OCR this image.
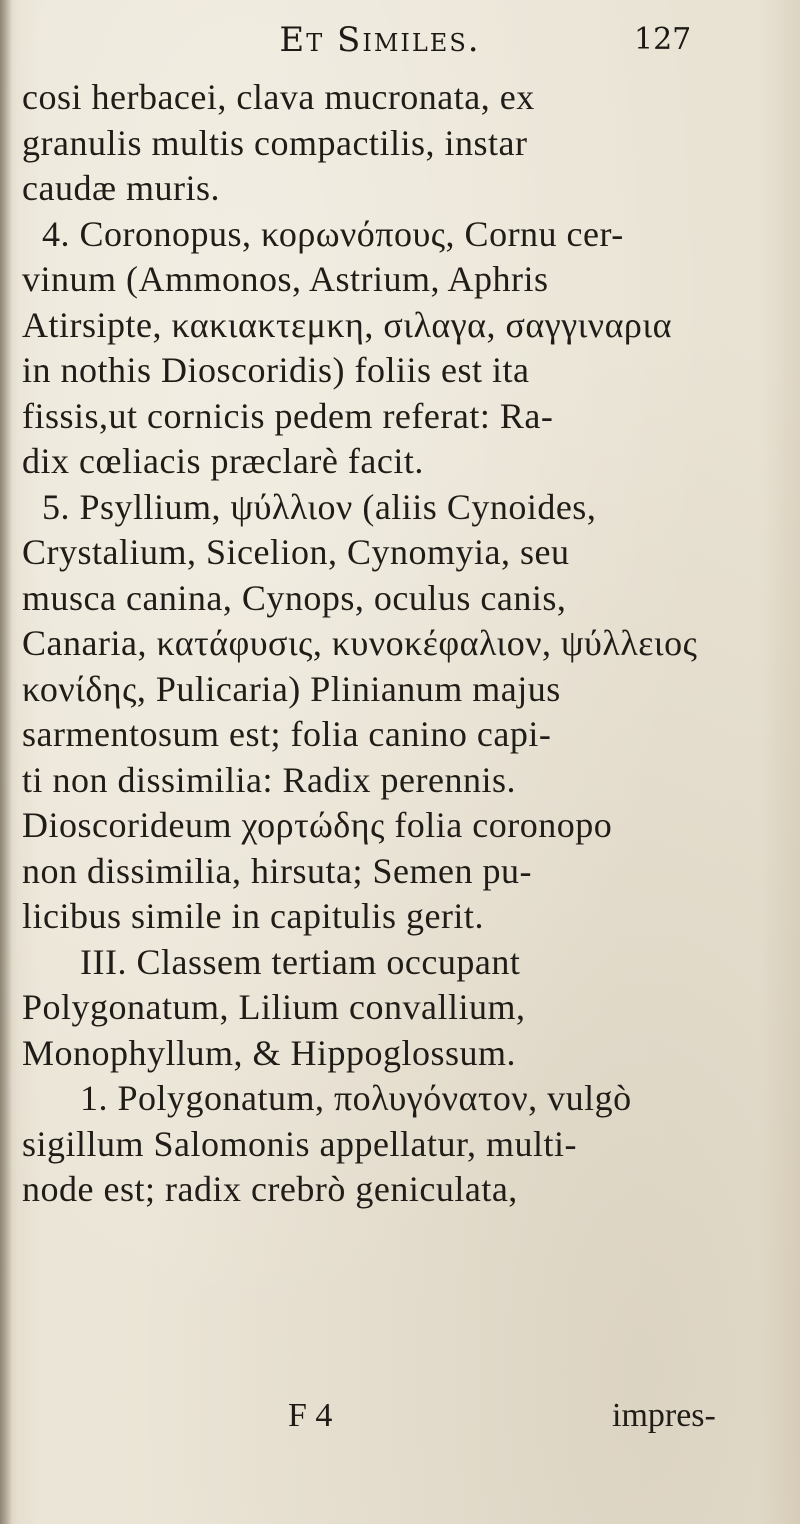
Et Similes.	127
cosi herbacei, clava mucronata, ex
granulis multis compactilis, instar
caudæ muris.
4. Coronopus, κορωνόπους, Cornu cer-
vinum (Ammonos, Astrium, Aphris
Atirsipte, κακιακτεμκη, σιλαγα, σαγγιναρια
in nothis Dioscoridis) foliis est ita
fissis,ut cornicis pedem referat: Ra-
dix cœliacis præclarè facit.
5. Psyllium, ψύλλιον (aliis Cynoides,
Crystalium, Sicelion, Cynomyia, seu
musca canina, Cynops, oculus canis,
Canaria, κατάφυσις, κυνοκέφαλιον, ψύλλειος
κονίδης, Pulicaria) Plinianum majus
sarmentosum est; folia canino capi-
ti non dissimilia: Radix perennis.
Dioscorideum χορτώδης folia coronopo
non dissimilia, hirsuta; Semen pu-
licibus simile in capitulis gerit.
III. Classem tertiam occupant
Polygonatum, Lilium convallium,
Monophyllum, & Hippoglossum.
1. Polygonatum, πολυγόνατον, vulgò
sigillum Salomonis appellatur, multi-
node est; radix crebrò geniculata,
F 4	impres-
